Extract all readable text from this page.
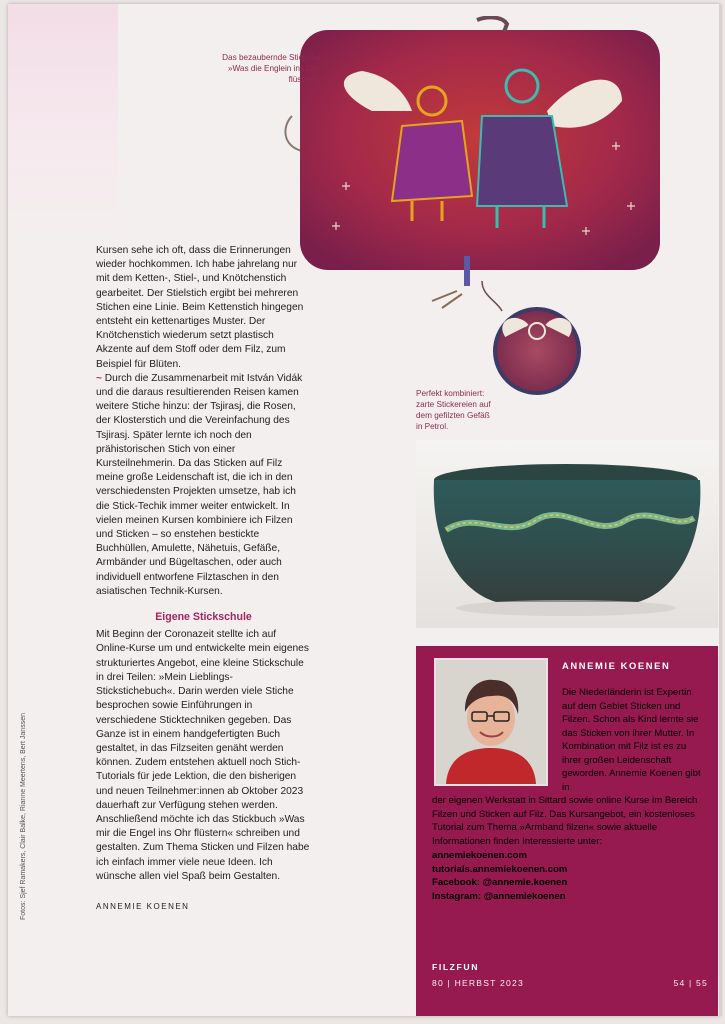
Das bezaubernde Sticketui »Was die Englein ins Ohr flüstern«
Perfekt kombiniert: zarte Stickereien auf dem gefilzten Gefäß in Petrol.
Fotos: Sjef Ramakers, Clair Balke, Rianne Meertens, Bert Janssen

Kursen sehe ich oft, dass die Erinnerungen wieder hochkommen. Ich habe jahrelang nur mit dem Ketten-, Stiel-, und Knötchenstich gearbeitet. Der Stielstich ergibt bei mehreren Stichen eine Linie. Beim Kettenstich hingegen entsteht ein kettenartiges Muster. Der Knötchenstich wiederum setzt plastisch Akzente auf dem Stoff oder dem Filz, zum Beispiel für Blüten.

~ Durch die Zusammenarbeit mit István Vidák und die daraus resultierenden Reisen kamen weitere Stiche hinzu: der Tsjirasj, die Rosen, der Klosterstich und die Vereinfachung des Tsjirasj. Später lernte ich noch den prähistorischen Stich von einer Kursteilnehmerin. Da das Sticken auf Filz meine große Leidenschaft ist, die ich in den verschiedensten Projekten umsetze, hab ich die Stick-Techik immer weiter entwickelt. In vielen meinen Kursen kombiniere ich Filzen und Sticken – so enstehen bestickte Buchhüllen, Amulette, Nähetuis, Gefäße, Armbänder und Bügeltaschen, oder auch individuell entworfene Filztaschen in den asiatischen Technik-Kursen.

Eigene Stickschule

Mit Beginn der Coronazeit stellte ich auf Online-Kurse um und entwickelte mein eigenes strukturiertes Angebot, eine kleine Stickschule in drei Teilen: »Mein Lieblings-Stickstichebuch«. Darin werden viele Stiche besprochen sowie Einführungen in verschiedene Sticktechniken gegeben. Das Ganze ist in einem handgefertigten Buch gestaltet, in das Filzseiten genäht werden können. Zudem entstehen aktuell noch Stich-Tutorials für jede Lektion, die den bisherigen und neuen Teilnehmer:innen ab Oktober 2023 dauerhaft zur Verfügung stehen werden. Anschließend möchte ich das Stickbuch »Was mir die Engel ins Ohr flüstern« schreiben und gestalten. Zum Thema Sticken und Filzen habe ich einfach immer viele neue Ideen. Ich wünsche allen viel Spaß beim Gestalten.

ANNEMIE KOENEN
ANNEMIE KOENEN
Die Niederländerin ist Expertin auf dem Gebiet Sticken und Filzen. Schon als Kind lernte sie das Sticken von ihrer Mutter. In Kombination mit Filz ist es zu ihrer großen Leidenschaft geworden. Annemie Koenen gibt in

der eigenen Werkstatt in Sittard sowie online Kurse im Bereich Filzen und Sticken auf Filz. Das Kursangebot, ein kostenloses Tutorial zum Thema »Armband filzen« sowie aktuelle Informationen finden Interessierte unter:

annemiekoenen.com
tutorials.annemiekoenen.com
Facebook: @annemie.koenen
Instagram: @annemiekoenen
FILZFUN
80 | HERBST 2023	54 | 55
